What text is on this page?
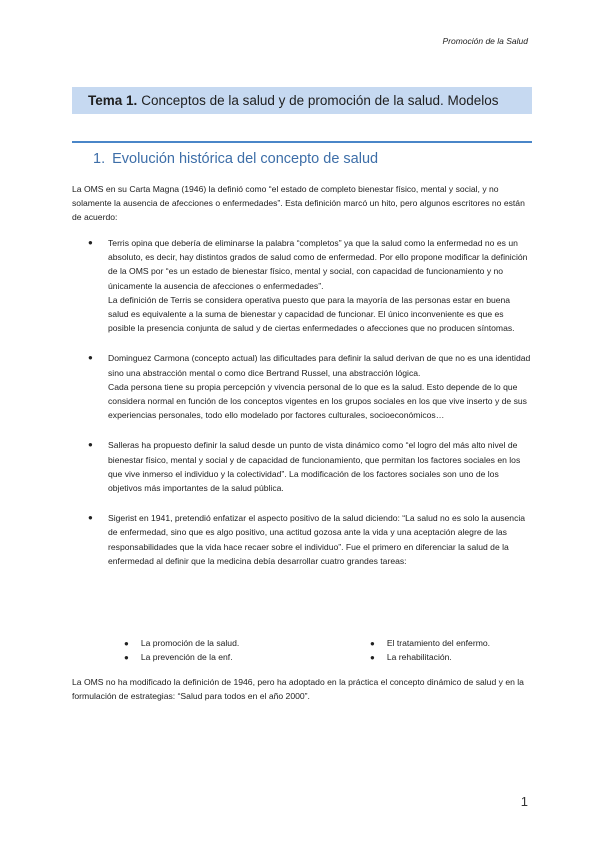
Promoción de la Salud
Tema 1. Conceptos de la salud y de promoción de la salud. Modelos
1. Evolución histórica del concepto de salud

La OMS en su Carta Magna (1946) la definió como “el estado de completo bienestar físico, mental y social, y no solamente la ausencia de afecciones o enfermedades”. Esta definición marcó un hito, pero algunos escritores no están de acuerdo:

● Terris opina que debería de eliminarse la palabra “completos” ya que la salud como la enfermedad no es un absoluto, es decir, hay distintos grados de salud como de enfermedad. Por ello propone modificar la definición de la OMS por “es un estado de bienestar físico, mental y social, con capacidad de funcionamiento y no únicamente la ausencia de afecciones o enfermedades”.

La definición de Terris se considera operativa puesto que para la mayoría de las personas estar en buena salud es equivalente a la suma de bienestar y capacidad de funcionar. El único inconveniente es que es posible la presencia conjunta de salud y de ciertas enfermedades o afecciones que no producen síntomas.

● Dominguez Carmona (concepto actual) las dificultades para definir la salud derivan de que no es una identidad sino una abstracción mental o como dice Bertrand Russel, una abstracción lógica.

Cada persona tiene su propia percepción y vivencia personal de lo que es la salud. Esto depende de lo que considera normal en función de los conceptos vigentes en los grupos sociales en los que vive inserto y de sus experiencias personales, todo ello modelado por factores culturales, socioeconómicos…

● Salleras ha propuesto definir la salud desde un punto de vista dinámico como “el logro del más alto nivel de bienestar físico, mental y social y de capacidad de funcionamiento, que permitan los factores sociales en los que vive inmerso el individuo y la colectividad”. La modificación de los factores sociales son uno de los objetivos más importantes de la salud pública.

● Sigerist en 1941, pretendió enfatizar el aspecto positivo de la salud diciendo: “La salud no es solo la ausencia de enfermedad, sino que es algo positivo, una actitud gozosa ante la vida y una aceptación alegre de las responsabilidades que la vida hace recaer sobre el individuo”. Fue el primero en diferenciar la salud de la enfermedad al definir que la medicina debía desarrollar cuatro grandes tareas:

● La promoción de la salud.	● El tratamiento del enfermo.
● La prevención de la enf.	● La rehabilitación.

La OMS no ha modificado la definición de 1946, pero ha adoptado en la práctica el concepto dinámico de salud y en la formulación de estrategias: “Salud para todos en el año 2000”.

1
